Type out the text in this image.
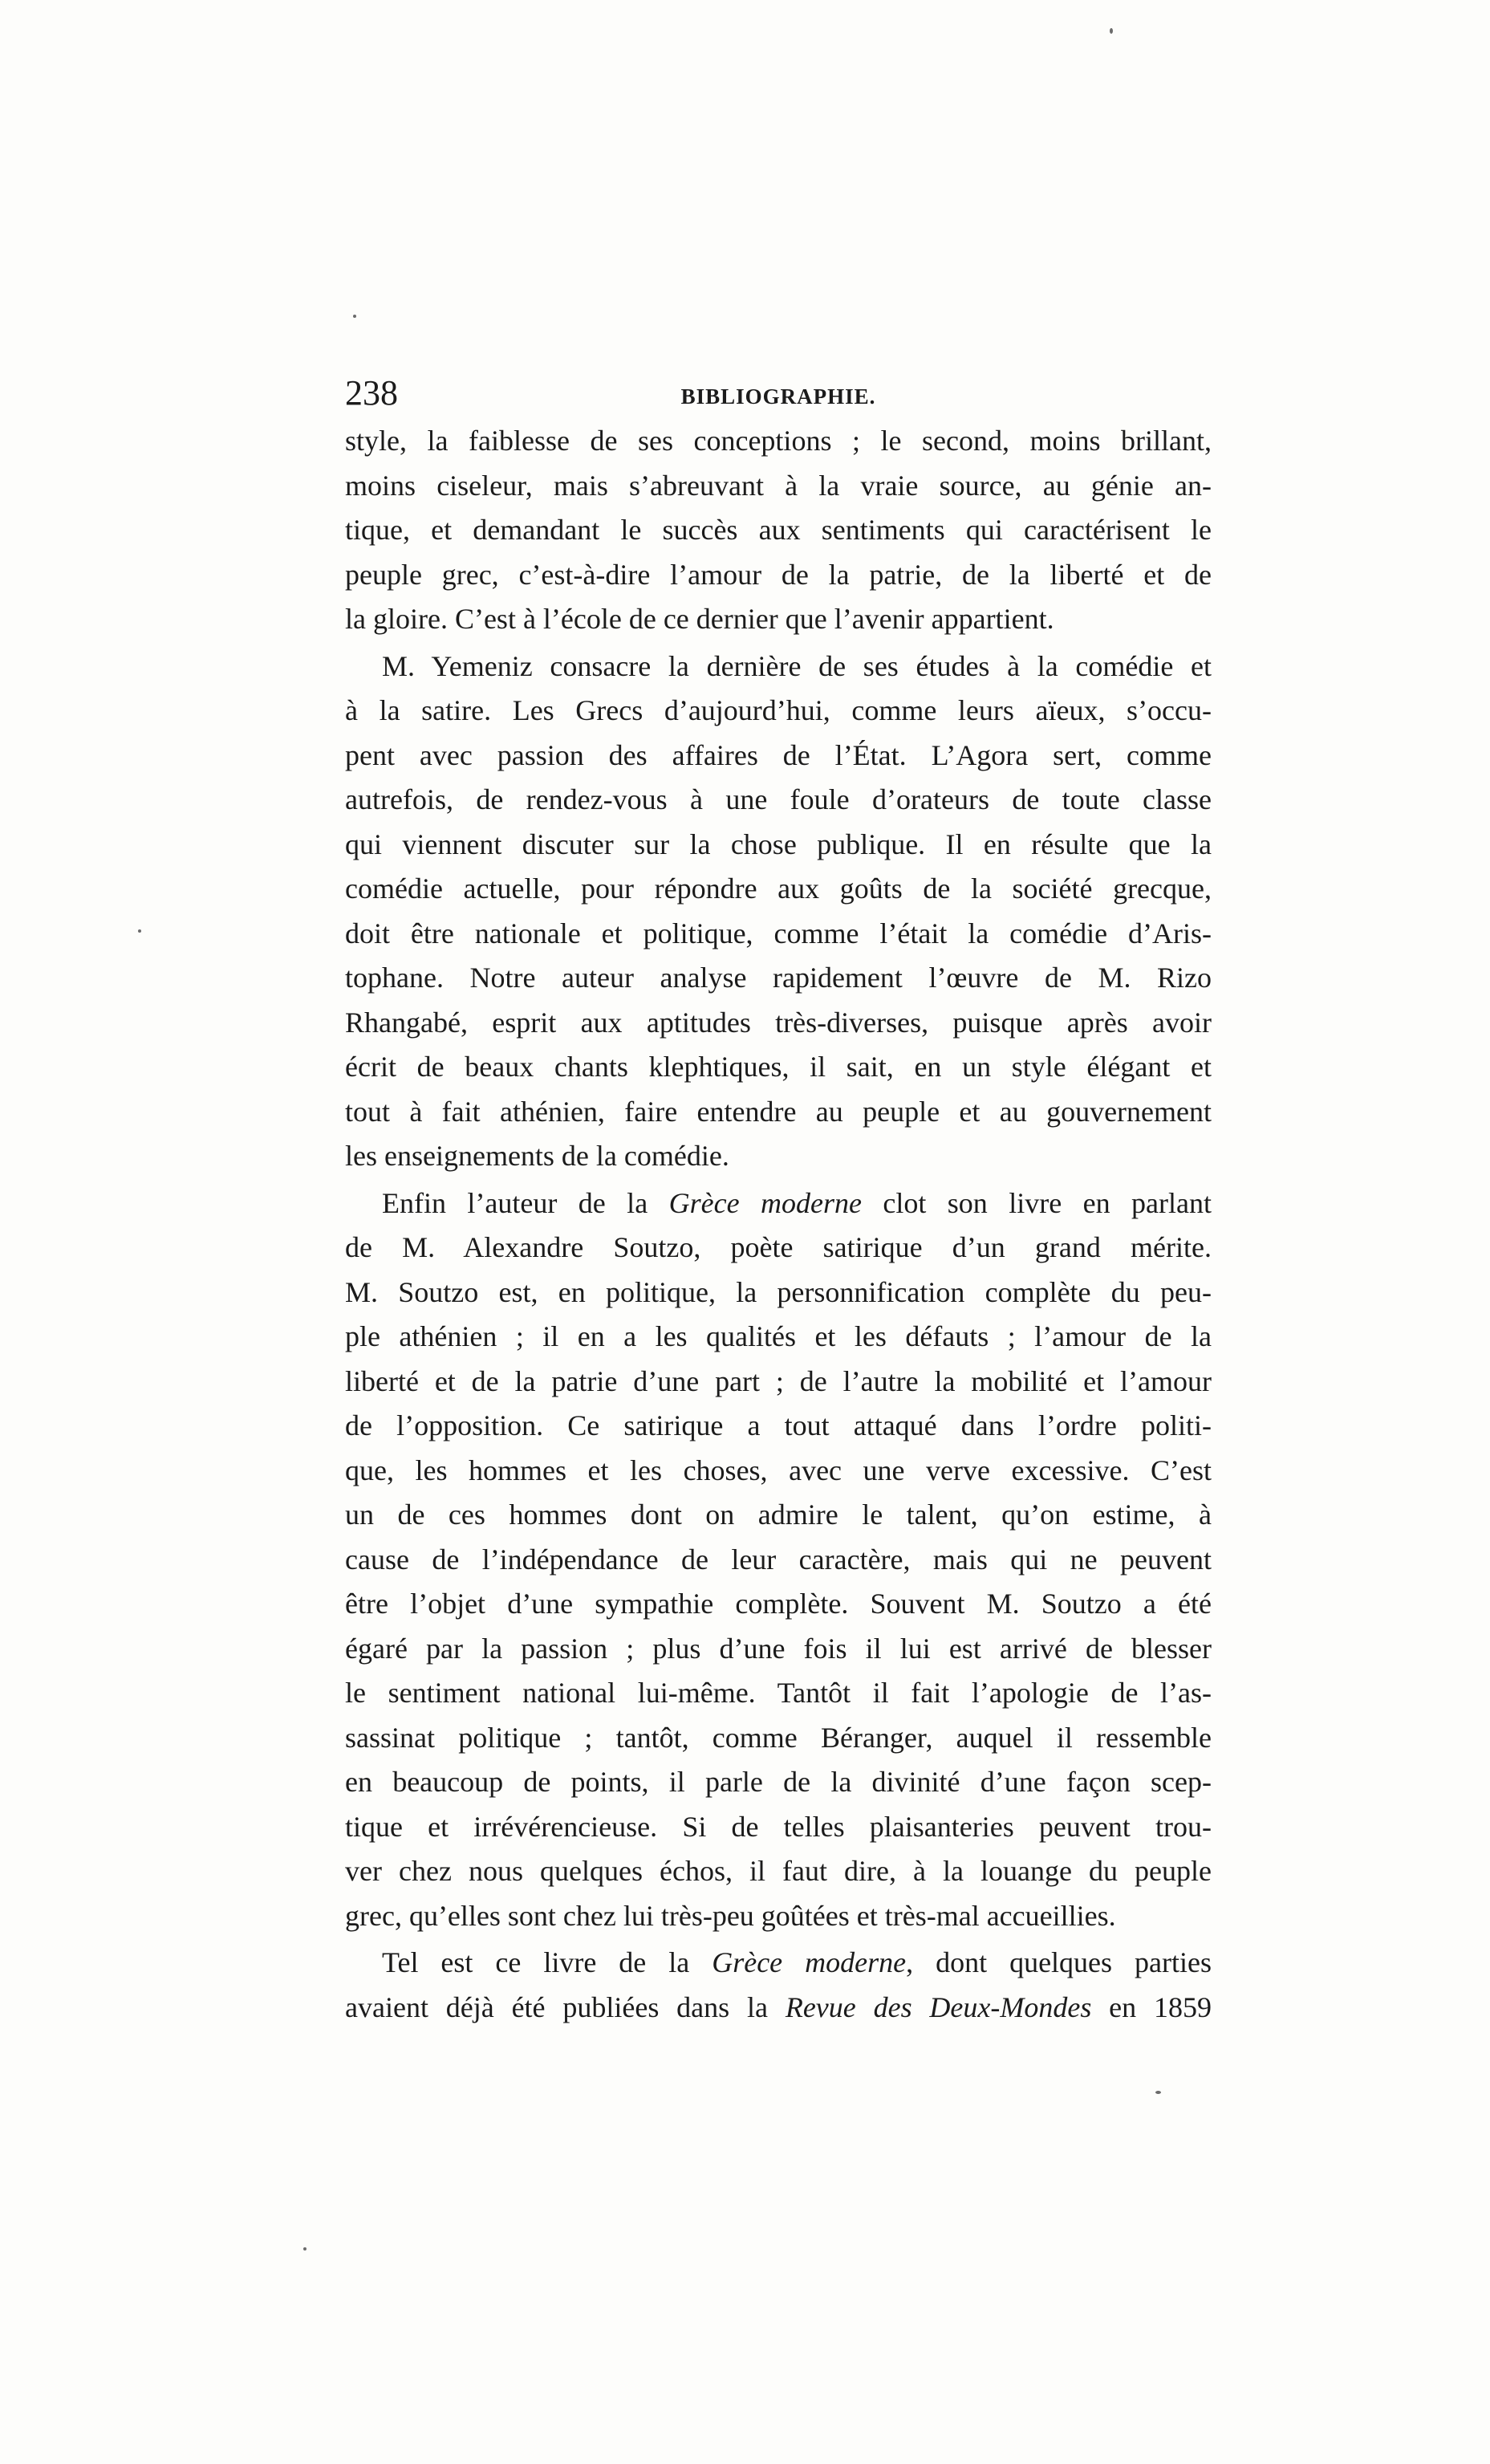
238	BIBLIOGRAPHIE.
style, la faiblesse de ses conceptions ; le second, moins brillant,
moins ciseleur, mais s’abreuvant à la vraie source, au génie an-
tique, et demandant le succès aux sentiments qui caractérisent le
peuple grec, c’est-à-dire l’amour de la patrie, de la liberté et de
la gloire. C’est à l’école de ce dernier que l’avenir appartient.
M. Yemeniz consacre la dernière de ses études à la comédie et
à la satire. Les Grecs d’aujourd’hui, comme leurs aïeux, s’occu-
pent avec passion des affaires de l’État. L’Agora sert, comme
autrefois, de rendez-vous à une foule d’orateurs de toute classe
qui viennent discuter sur la chose publique. Il en résulte que la
comédie actuelle, pour répondre aux goûts de la société grecque,
doit être nationale et politique, comme l’était la comédie d’Aris-
tophane. Notre auteur analyse rapidement l’œuvre de M. Rizo
Rhangabé, esprit aux aptitudes très-diverses, puisque après avoir
écrit de beaux chants klephtiques, il sait, en un style élégant et
tout à fait athénien, faire entendre au peuple et au gouvernement
les enseignements de la comédie.
Enfin l’auteur de la Grèce moderne clot son livre en parlant
de M. Alexandre Soutzo, poète satirique d’un grand mérite.
M. Soutzo est, en politique, la personnification complète du peu-
ple athénien ; il en a les qualités et les défauts ; l’amour de la
liberté et de la patrie d’une part ; de l’autre la mobilité et l’amour
de l’opposition. Ce satirique a tout attaqué dans l’ordre politi-
que, les hommes et les choses, avec une verve excessive. C’est
un de ces hommes dont on admire le talent, qu’on estime, à
cause de l’indépendance de leur caractère, mais qui ne peuvent
être l’objet d’une sympathie complète. Souvent M. Soutzo a été
égaré par la passion ; plus d’une fois il lui est arrivé de blesser
le sentiment national lui-même. Tantôt il fait l’apologie de l’as-
sassinat politique ; tantôt, comme Béranger, auquel il ressemble
en beaucoup de points, il parle de la divinité d’une façon scep-
tique et irrévérencieuse. Si de telles plaisanteries peuvent trou-
ver chez nous quelques échos, il faut dire, à la louange du peuple
grec, qu’elles sont chez lui très-peu goûtées et très-mal accueillies.
Tel est ce livre de la Grèce moderne, dont quelques parties
avaient déjà été publiées dans la Revue des Deux-Mondes en 1859
